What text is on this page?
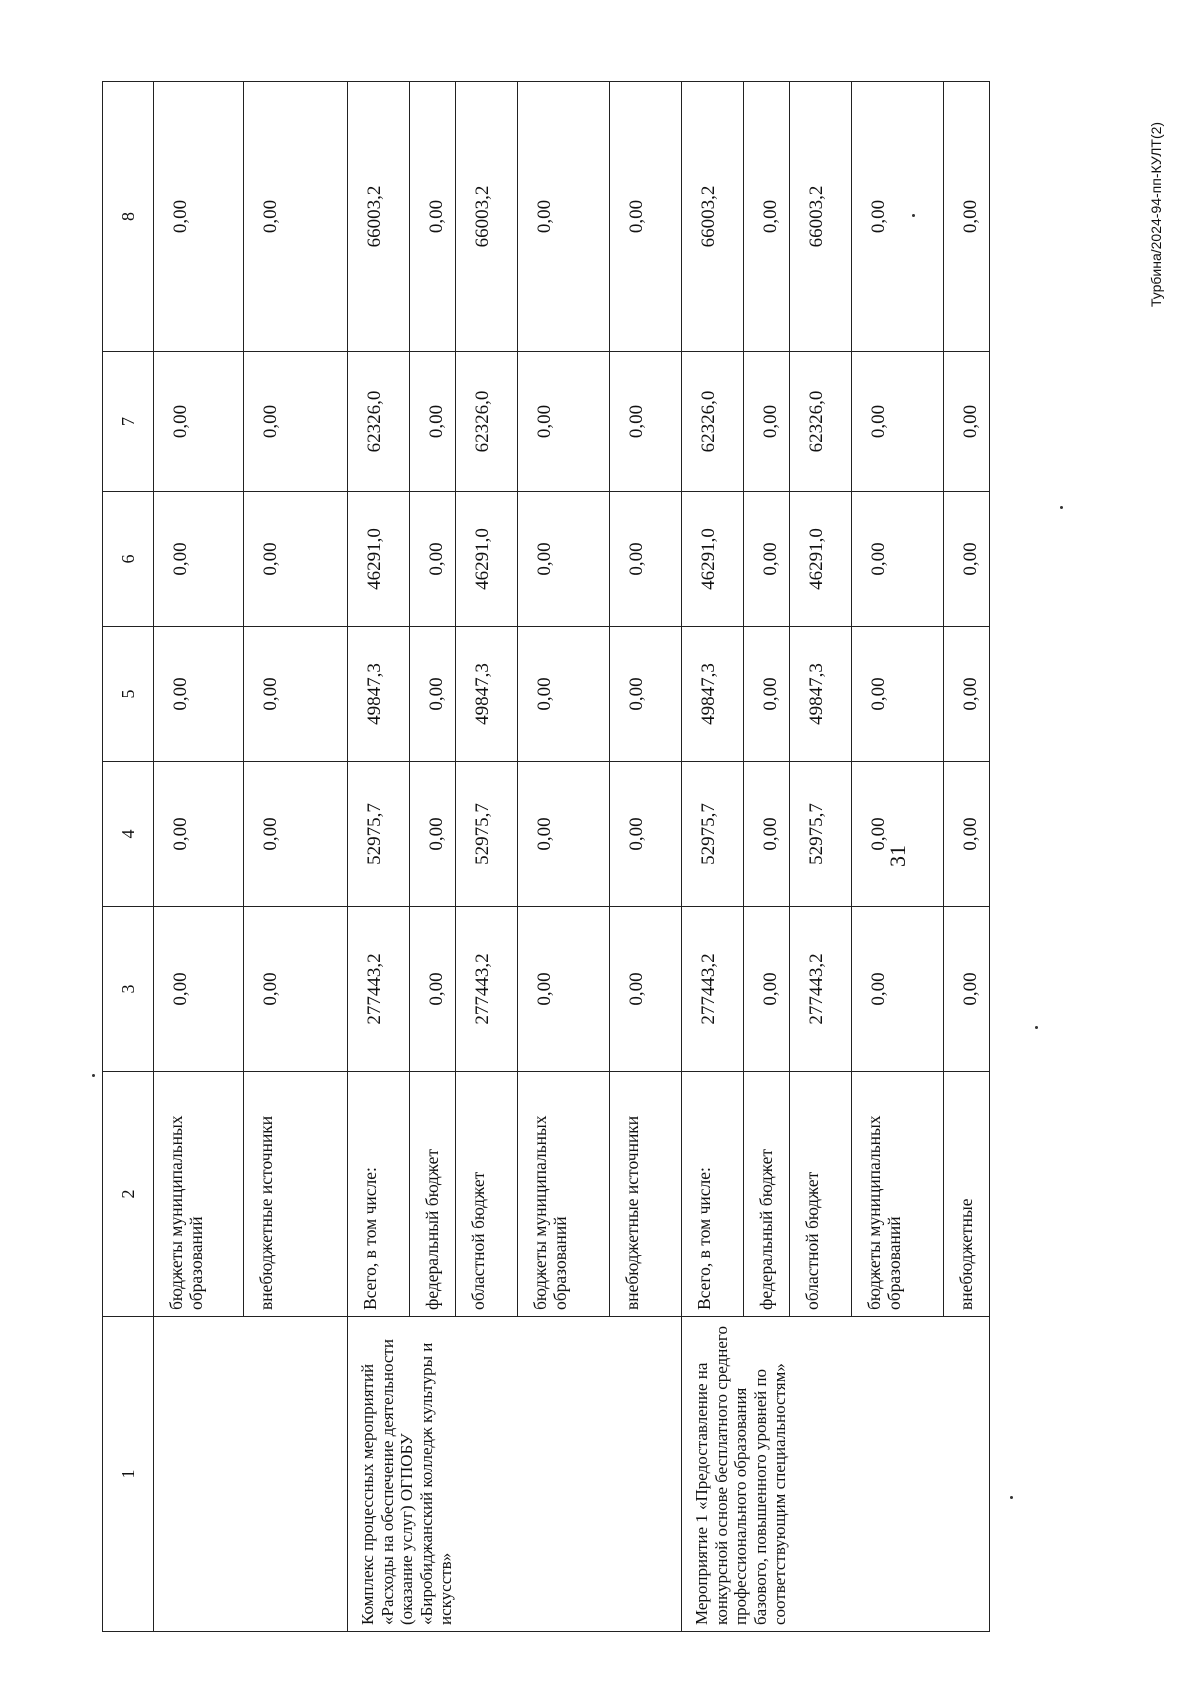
31
1	2	3	4	5	6	7	8
	бюджеты муниципальных образований	0,00	0,00	0,00	0,00	0,00	0,00
	внебюджетные источники	0,00	0,00	0,00	0,00	0,00	0,00
Комплекс процессных мероприятий «Расходы на обеспечение деятельности (оказание услуг) ОГПОБУ «Биробиджанский колледж культуры и искусств»	Всего, в том числе:	277443,2	52975,7	49847,3	46291,0	62326,0	66003,2
	федеральный бюджет	0,00	0,00	0,00	0,00	0,00	0,00
	областной бюджет	277443,2	52975,7	49847,3	46291,0	62326,0	66003,2
	бюджеты муниципальных образований	0,00	0,00	0,00	0,00	0,00	0,00
	внебюджетные источники	0,00	0,00	0,00	0,00	0,00	0,00
Мероприятие 1 «Предоставление на конкурсной основе бесплатного среднего профессионального образования базового, повышенного уровней по соответствующим специальностям»	Всего, в том числе:	277443,2	52975,7	49847,3	46291,0	62326,0	66003,2
	федеральный бюджет	0,00	0,00	0,00	0,00	0,00	0,00
	областной бюджет	277443,2	52975,7	49847,3	46291,0	62326,0	66003,2
	бюджеты муниципальных образований	0,00	0,00	0,00	0,00	0,00	0,00
	внебюджетные	0,00	0,00	0,00	0,00	0,00	0,00	Турбина/2024-94-пп-КУЛТ(2)
